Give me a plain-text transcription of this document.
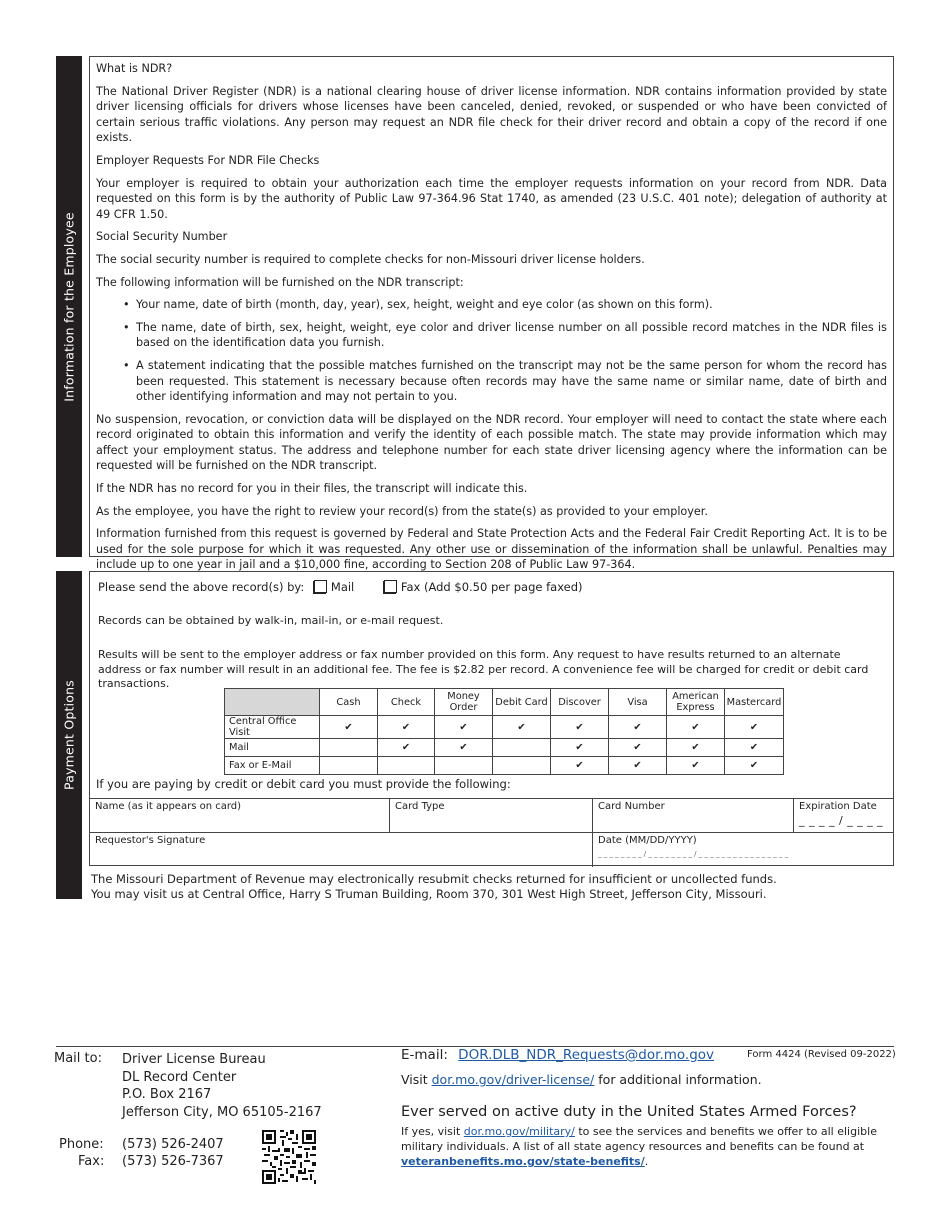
Information for the Employee
Payment Options

What is NDR?

The National Driver Register (NDR) is a national clearing house of driver license information. NDR contains information provided by state driver licensing officials for drivers whose licenses have been canceled, denied, revoked, or suspended or who have been convicted of certain serious traffic violations. Any person may request an NDR file check for their driver record and obtain a copy of the record if one exists.

Employer Requests For NDR File Checks

Your employer is required to obtain your authorization each time the employer requests information on your record from NDR. Data requested on this form is by the authority of Public Law 97-364.96 Stat 1740, as amended (23 U.S.C. 401 note); delegation of authority at 49 CFR 1.50.

Social Security Number

The social security number is required to complete checks for non-Missouri driver license holders.

The following information will be furnished on the NDR transcript:

• Your name, date of birth (month, day, year), sex, height, weight and eye color (as shown on this form).
• The name, date of birth, sex, height, weight, eye color and driver license number on all possible record matches in the NDR files is based on the identification data you furnish.
• A statement indicating that the possible matches furnished on the transcript may not be the same person for whom the record has been requested. This statement is necessary because often records may have the same name or similar name, date of birth and other identifying information and may not pertain to you.

No suspension, revocation, or conviction data will be displayed on the NDR record. Your employer will need to contact the state where each record originated to obtain this information and verify the identity of each possible match. The state may provide information which may affect your employment status. The address and telephone number for each state driver licensing agency where the information can be requested will be furnished on the NDR transcript.

If the NDR has no record for you in their files, the transcript will indicate this.

As the employee, you have the right to review your record(s) from the state(s) as provided to your employer.

Information furnished from this request is governed by Federal and State Protection Acts and the Federal Fair Credit Reporting Act. It is to be used for the sole purpose for which it was requested. Any other use or dissemination of the information shall be unlawful. Penalties may include up to one year in jail and a $10,000 fine, according to Section 208 of Public Law 97-364.

Please send the above record(s) by: Mail	Fax (Add $0.50 per page faxed)
Records can be obtained by walk-in, mail-in, or e-mail request.
Results will be sent to the employer address or fax number provided on this form. Any request to have results returned to an alternate address or fax number will result in an additional fee. The fee is $2.82 per record. A convenience fee will be charged for credit or debit card transactions.
	Cash	Check	Money Order	Debit Card	Discover	Visa	American Express	Mastercard
Central Office Visit	✔	✔	✔	✔	✔	✔	✔	✔
Mail		✔	✔		✔	✔	✔	✔
Fax or E-Mail					✔	✔	✔	✔
If you are paying by credit or debit card you must provide the following:
Name (as it appears on card)	Card Type	Card Number	Expiration Date
_ _ _ _ / _ _ _ _
Requestor's Signature	Date (MM/DD/YYYY)
_ _ _ _ _ _ _ _ / _ _ _ _ _ _ _ _ / _ _ _ _ _ _ _ _ _ _ _ _ _ _ _ _
The Missouri Department of Revenue may electronically resubmit checks returned for insufficient or uncollected funds.
You may visit us at Central Office, Harry S Truman Building, Room 370, 301 West High Street, Jefferson City, Missouri.
Mail to: Driver License Bureau
DL Record Center
P.O. Box 2167
Jefferson City, MO 65105-2167
Phone: (573) 526-2407
Fax: (573) 526-7367
E-mail: DOR.DLB_NDR_Requests@dor.mo.gov	Form 4424 (Revised 09-2022)
Visit dor.mo.gov/driver-license/ for additional information.
Ever served on active duty in the United States Armed Forces?
If yes, visit dor.mo.gov/military/ to see the services and benefits we offer to all eligible military individuals. A list of all state agency resources and benefits can be found at veteranbenefits.mo.gov/state-benefits/.
